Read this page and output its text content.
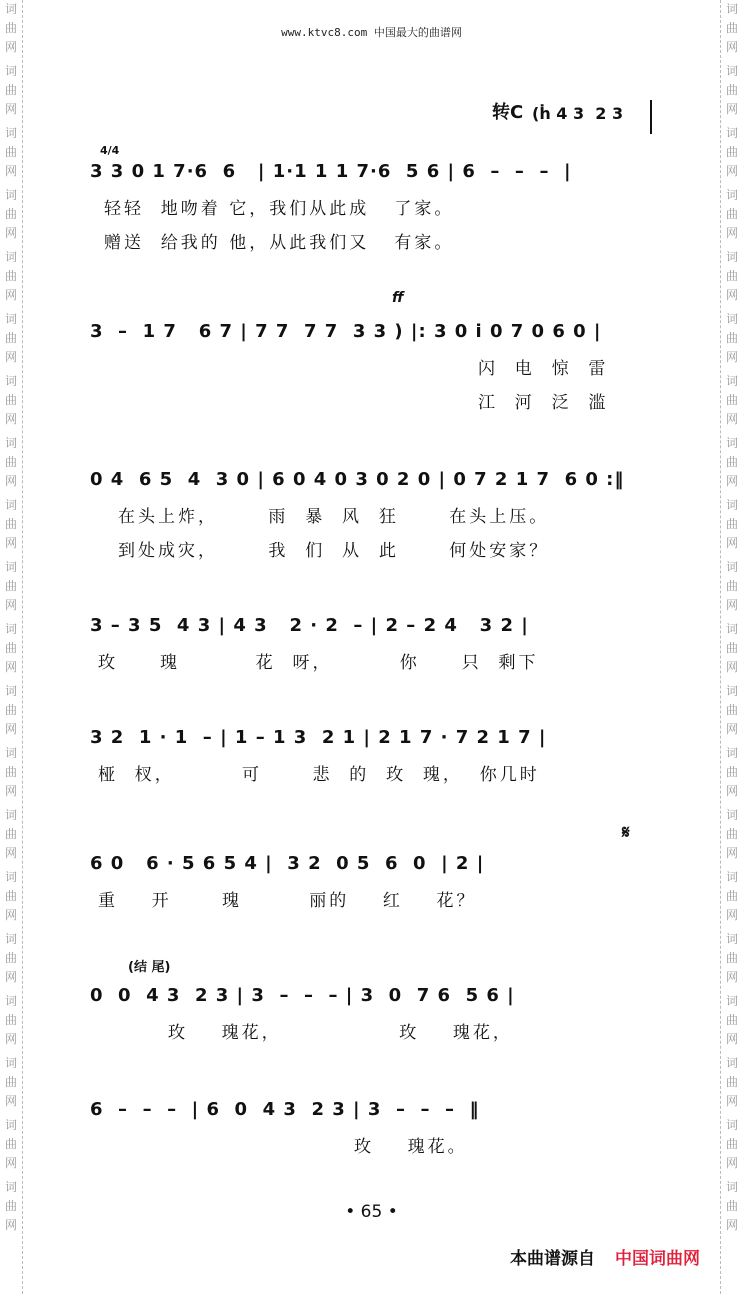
词
曲
网
词
曲
网
词
曲
网
词
曲
网
词
曲
网
词
曲
网
词
曲
网
词
曲
网
词
曲
网
词
曲
网
词
曲
网
词
曲
网
词
曲
网
词
曲
网
词
曲
网
词
曲
网
词
曲
网
词
曲
网
词
曲
网
词
曲
网
词
曲
网
词
曲
网
词
曲
网
词
曲
网
词
曲
网
词
曲
网
词
曲
网
词
曲
网
词
曲
网
词
曲
网
词
曲
网
词
曲
网
词
曲
网
词
曲
网
词
曲
网
词
曲
网
词
曲
网
词
曲
网
词
曲
网
词
曲
网
www.ktvc8.com 中国最大的曲谱网
转C (ḣ 4 3  2 3
4/4
3 3 0 1 7·6  6   | 1·1 1 1 7·6  5 6 | 6  –  –  –  |
轻轻  地吻着 它，我们从此成   了家。
赠送  给我的 他，从此我们又   有家。
ff
3  –  1 7   6 7 | 7 7  7 7  3 3 ) |: 3 0 i 0 7 0 6 0 |
闪  电  惊  雷
江  河  泛  滥
0 4  6 5  4  3 0 | 6 0 4 0 3 0 2 0 | 0 7 2 1 7  6 0 :‖
在头上炸，      雨  暴  风  狂      在头上压。
到处成灾，      我  们  从  此      何处安家？
3 – 3 5  4 3 | 4 3   2 · 2  – | 2 – 2 4   3 2 |
玫     瑰         花  呀，        你     只  剩下
3 2  1 · 1  – | 1 – 1 3  2 1 | 2 1 7 · 7 2 1 7 |
桠  杈，        可      悲  的  玫  瑰，  你几时
𝄋
6 0   6 · 5 6 5 4 |  3 2  0 5  6  0  | 2 |
重    开      瑰        丽的    红    花？
(结 尾)
0  0  4 3  2 3 | 3  –  –  – | 3  0  7 6  5 6 |
玫    瑰花，              玫    瑰花，
6  –  –  –  | 6  0  4 3  2 3 | 3  –  –  –  ‖
玫    瑰花。
• 65 •
本曲谱源自 中国词曲网
